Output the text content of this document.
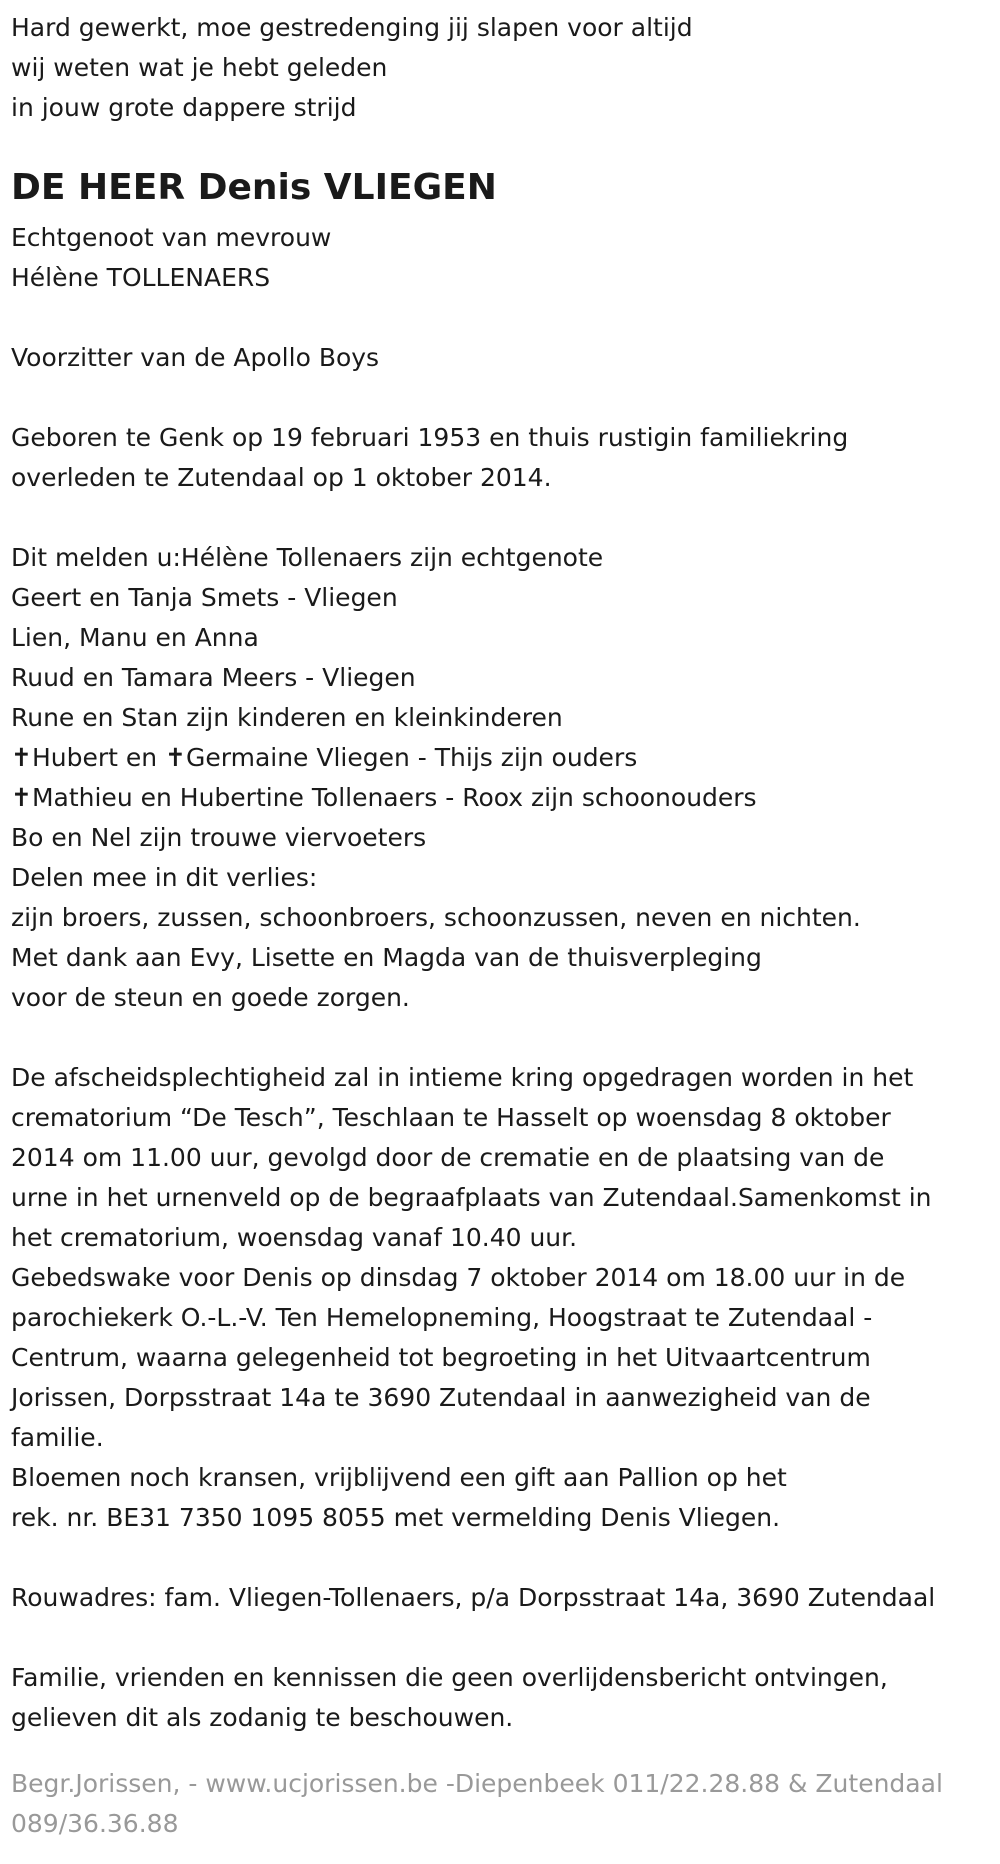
Hard gewerkt, moe gestredenging jij slapen voor altijd
wij weten wat je hebt geleden
in jouw grote dappere strijd
DE HEER Denis VLIEGEN
Echtgenoot van mevrouw
Hélène TOLLENAERS
Voorzitter van de Apollo Boys
Geboren te Genk op 19 februari 1953 en thuis rustigin familiekring
overleden te Zutendaal op 1 oktober 2014.
Dit melden u:Hélène Tollenaers zijn echtgenote
Geert en Tanja Smets - Vliegen
Lien, Manu en Anna
Ruud en Tamara Meers - Vliegen
Rune en Stan zijn kinderen en kleinkinderen
✝Hubert en ✝Germaine Vliegen - Thijs zijn ouders
✝Mathieu en Hubertine Tollenaers - Roox zijn schoonouders
Bo en Nel zijn trouwe viervoeters
Delen mee in dit verlies:
zijn broers, zussen, schoonbroers, schoonzussen, neven en nichten.
Met dank aan Evy, Lisette en Magda van de thuisverpleging
voor de steun en goede zorgen.
De afscheidsplechtigheid zal in intieme kring opgedragen worden in het
crematorium “De Tesch”, Teschlaan te Hasselt op woensdag 8 oktober
2014 om 11.00 uur, gevolgd door de crematie en de plaatsing van de
urne in het urnenveld op de begraafplaats van Zutendaal.Samenkomst in
het crematorium, woensdag vanaf 10.40 uur.
Gebedswake voor Denis op dinsdag 7 oktober 2014 om 18.00 uur in de
parochiekerk O.-L.-V. Ten Hemelopneming, Hoogstraat te Zutendaal -
Centrum, waarna gelegenheid tot begroeting in het Uitvaartcentrum
Jorissen, Dorpsstraat 14a te 3690 Zutendaal in aanwezigheid van de
familie.
Bloemen noch kransen, vrijblijvend een gift aan Pallion op het
rek. nr. BE31 7350 1095 8055 met vermelding Denis Vliegen.
Rouwadres: fam. Vliegen-Tollenaers, p/a Dorpsstraat 14a, 3690 Zutendaal
Familie, vrienden en kennissen die geen overlijdensbericht ontvingen,
gelieven dit als zodanig te beschouwen.
Begr.Jorissen, - www.ucjorissen.be -Diepenbeek 011/22.28.88 & Zutendaal
089/36.36.88
